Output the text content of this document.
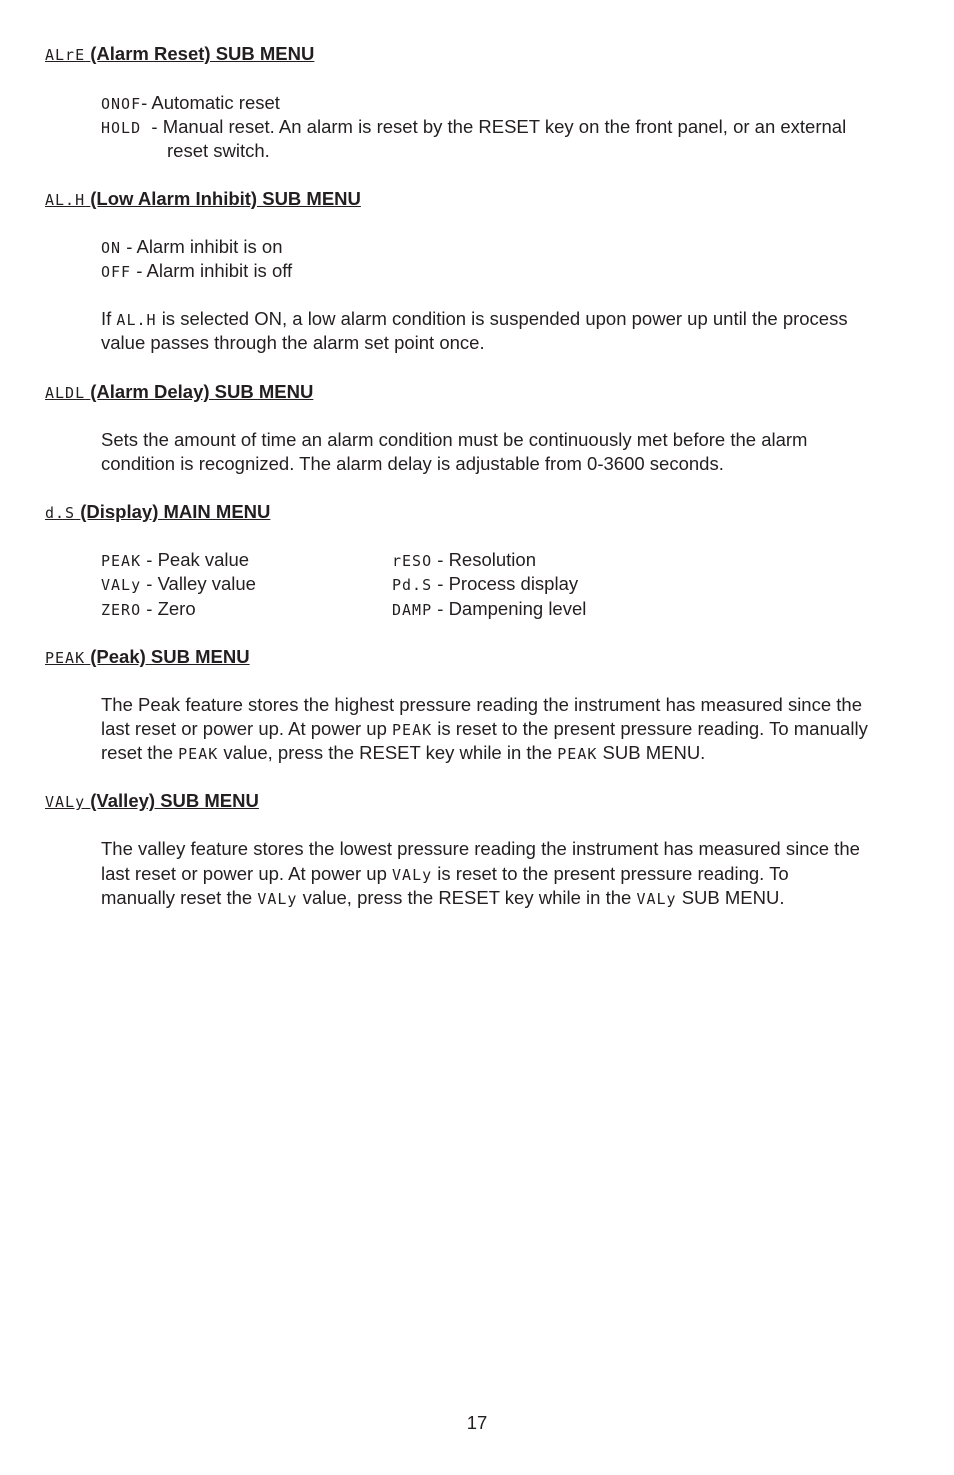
ALrE (Alarm Reset) SUB MENU
ONOF- Automatic reset
HOLD - Manual reset. An alarm is reset by the RESET key on the front panel, or an external
reset switch.
AL.H (Low Alarm Inhibit) SUB MENU
ON - Alarm inhibit is on
OFF - Alarm inhibit is off
If AL.H is selected ON, a low alarm condition is suspended upon power up until the process
value passes through the alarm set point once.
ALDL (Alarm Delay) SUB MENU
Sets the amount of time an alarm condition must be continuously met before the alarm
condition is recognized. The alarm delay is adjustable from 0-3600 seconds.
d.S (Display) MAIN MENU
PEAK - Peak value
VALy - Valley value
ZERO - Zero
rESO - Resolution
Pd.S - Process display
DAMP - Dampening level
PEAK (Peak) SUB MENU
The Peak feature stores the highest pressure reading the instrument has measured since the
last reset or power up. At power up PEAK is reset to the present pressure reading. To manually
reset the PEAK value, press the RESET key while in the PEAK SUB MENU.
VALy (Valley) SUB MENU
The valley feature stores the lowest pressure reading the instrument has measured since the
last reset or power up. At power up VALy is reset to the present pressure reading. To
manually reset the VALy value, press the RESET key while in the VALy SUB MENU.
17
